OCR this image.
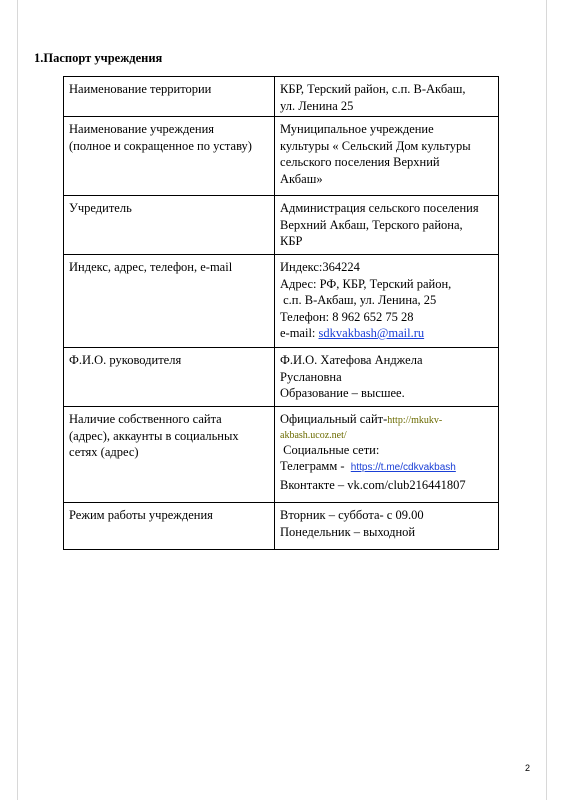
1.Паспорт учреждения
Наименование территории	КБР, Терский район, с.п. В-Акбаш,
ул. Ленина 25

Наименование учреждения
(полное и сокращенное по уставу)	Муниципальное учреждение
культуры « Сельский Дом культуры
сельского поселения Верхний
Акбаш»

Учредитель	Администрация сельского поселения
Верхний Акбаш, Терского района,
КБР

Индекс, адрес, телефон, e-mail	Индекс:364224
Адрес: РФ, КБР, Терский район,
с.п. В-Акбаш, ул. Ленина, 25
Телефон: 8 962 652 75 28
e-mail: sdkvakbash@mail.ru

Ф.И.О. руководителя	Ф.И.О. Хатефова Анджела
Руслановна
Образование – высшее.

Наличие собственного сайта
(адрес), аккаунты в социальных
сетях (адрес)	Официальный сайт-http://mkukv-
akbash.ucoz.net/
Социальные сети:
Телеграмм -  https://t.me/cdkvakbash
Вконтакте – vk.com/club216441807

Режим работы учреждения	Вторник – суббота- с 09.00
Понедельник – выходной
2
